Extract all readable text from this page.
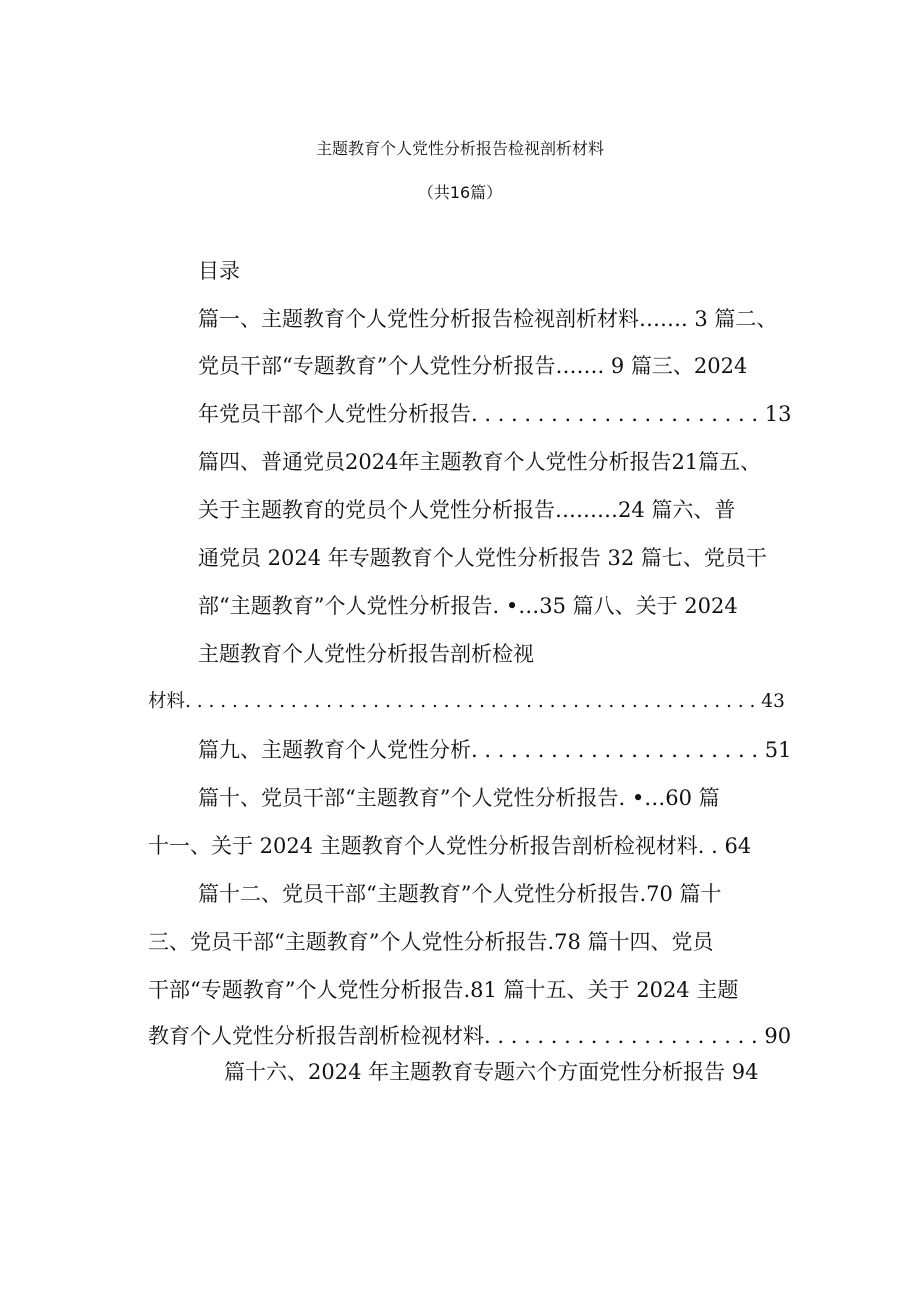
主题教育个人党性分析报告检视剖析材料
（共16篇）
目录
篇一、主题教育个人党性分析报告检视剖析材料……. 3 篇二、
党员干部“专题教育”个人党性分析报告……. 9 篇三、2024
年党员干部个人党性分析报告. . . . . . . . . . . . . . . . . . . . . . 13
篇四、普通党员2024年主题教育个人党性分析报告21篇五、
关于主题教育的党员个人党性分析报告………24 篇六、普
通党员 2024 年专题教育个人党性分析报告 32 篇七、党员干
部“主题教育”个人党性分析报告. •…35 篇八、关于 2024
主题教育个人党性分析报告剖析检视
材料. . . . . . . . . . . . . . . . . . . . . . . . . . . . . . . . . . . . . . . . . . . . . . . . . 43
篇九、主题教育个人党性分析. . . . . . . . . . . . . . . . . . . . . . 51
篇十、党员干部“主题教育”个人党性分析报告. •…60 篇
十一、关于 2024 主题教育个人党性分析报告剖析检视材料. . 64
篇十二、党员干部“主题教育”个人党性分析报告.70 篇十
三、党员干部“主题教育”个人党性分析报告.78 篇十四、党员
干部“专题教育”个人党性分析报告.81 篇十五、关于 2024 主题
教育个人党性分析报告剖析检视材料. . . . . . . . . . . . . . . . . . . . . 90
篇十六、2024 年主题教育专题六个方面党性分析报告 94
